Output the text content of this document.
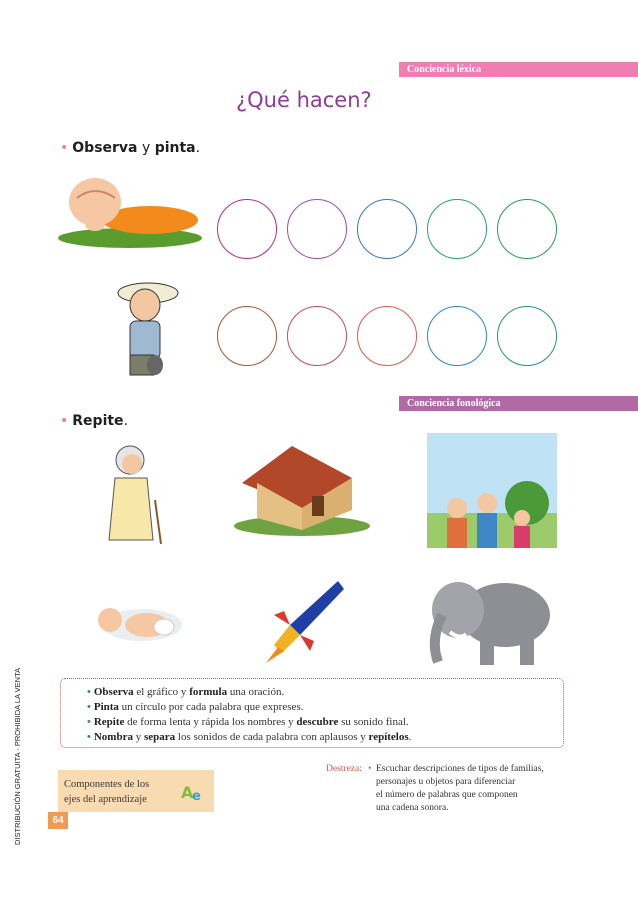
Conciencia léxica
¿Qué hacen?
• Observa y pinta.
Conciencia fonológica
• Repite.
• Observa el gráfico y formula una oración.
• Pinta un círculo por cada palabra que expreses.
• Repite de forma lenta y rápida los nombres y descubre su sonido final.
• Nombra y separa los sonidos de cada palabra con aplausos y repítelos.
Destreza: • Escuchar descripciones de tipos de familias,
personajes u objetos para diferenciar
el número de palabras que componen
una cadena sonora.
Componentes de los
ejes del aprendizaje A
e
DISTRIBUCIÓN GRATUITA · PROHIBIDA LA VENTA	64
